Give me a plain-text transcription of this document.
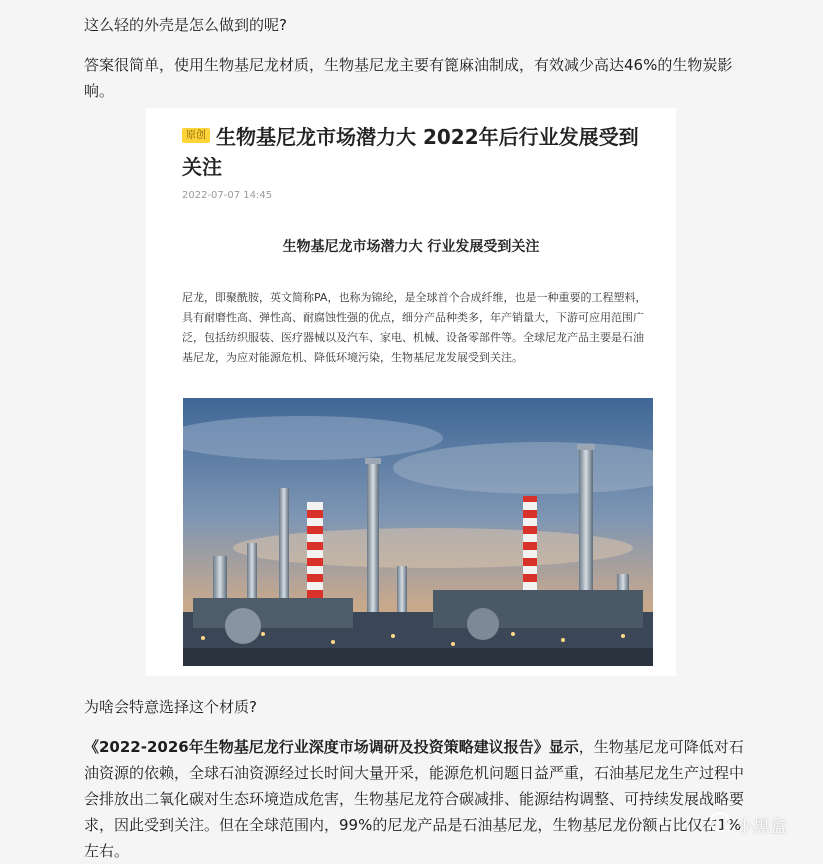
这么轻的外壳是怎么做到的呢?

答案很简单，使用生物基尼龙材质，生物基尼龙主要有篦麻油制成，有效减少高达46%的生物炭影响。

生物基尼龙市场潜力大 2022年后行业发展受到关注
原创
2022-07-07 14:45
生物基尼龙市场潜力大 行业发展受到关注
尼龙，即聚酰胺，英文简称PA，也称为锦纶，是全球首个合成纤维，也是一种重要的工程塑料，具有耐磨性高、弹性高、耐腐蚀性强的优点，细分产品种类多，年产销量大，下游可应用范围广泛，包括纺织服装、医疗器械以及汽车、家电、机械、设备零部件等。全球尼龙产品主要是石油基尼龙，为应对能源危机、降低环境污染，生物基尼龙发展受到关注。

为啥会特意选择这个材质?

《2022-2026年生物基尼龙行业深度市场调研及投资策略建议报告》显示，生物基尼龙可降低对石油资源的依赖，全球石油资源经过长时间大量开采，能源危机问题日益严重，石油基尼龙生产过程中会排放出二氧化碳对生态环境造成危害，生物基尼龙符合碳减排、能源结构调整、可持续发展战略要求，因此受到关注。但在全球范围内，99%的尼龙产品是石油基尼龙，生物基尼龙份额占比仅在1%左右。

小黑盒
